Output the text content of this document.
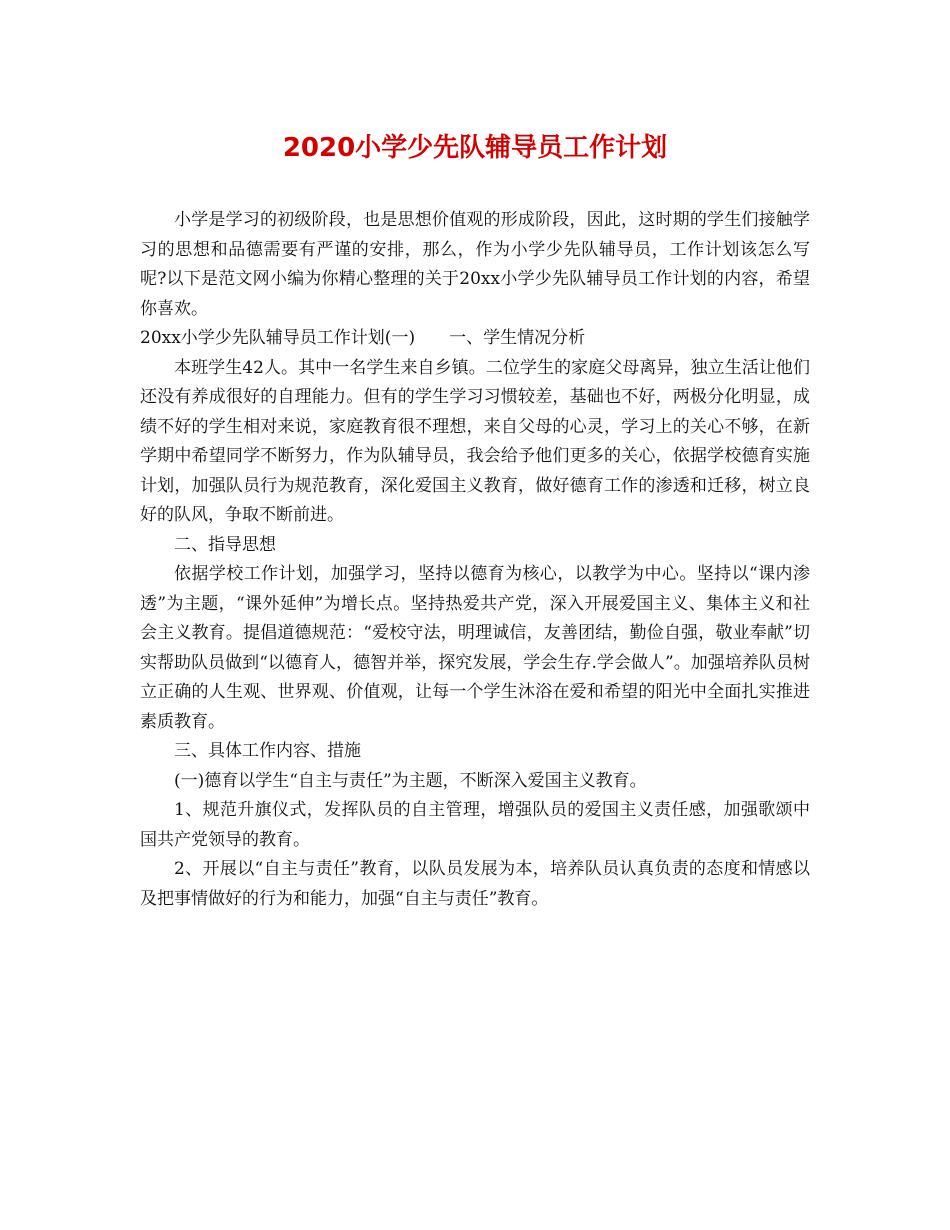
2020小学少先队辅导员工作计划

小学是学习的初级阶段，也是思想价值观的形成阶段，因此，这时期的学生们接触学习的思想和品德需要有严谨的安排，那么，作为小学少先队辅导员，工作计划该怎么写呢?以下是范文网小编为你精心整理的关于20xx小学少先队辅导员工作计划的内容，希望你喜欢。

20xx小学少先队辅导员工作计划(一) 一、学生情况分析

本班学生42人。其中一名学生来自乡镇。二位学生的家庭父母离异，独立生活让他们还没有养成很好的自理能力。但有的学生学习习惯较差，基础也不好，两极分化明显，成绩不好的学生相对来说，家庭教育很不理想，来自父母的心灵，学习上的关心不够，在新学期中希望同学不断努力，作为队辅导员，我会给予他们更多的关心，依据学校德育实施计划，加强队员行为规范教育，深化爱国主义教育，做好德育工作的渗透和迁移，树立良好的队风，争取不断前进。

二、指导思想

依据学校工作计划，加强学习，坚持以德育为核心，以教学为中心。坚持以“课内渗透”为主题，“课外延伸”为增长点。坚持热爱共产党，深入开展爱国主义、集体主义和社会主义教育。提倡道德规范：“爱校守法，明理诚信，友善团结，勤俭自强，敬业奉献”切实帮助队员做到“以德育人，德智并举，探究发展，学会生存.学会做人”。加强培养队员树立正确的人生观、世界观、价值观，让每一个学生沐浴在爱和希望的阳光中全面扎实推进素质教育。

三、具体工作内容、措施

(一)德育以学生“自主与责任”为主题，不断深入爱国主义教育。

1、规范升旗仪式，发挥队员的自主管理，增强队员的爱国主义责任感，加强歌颂中国共产党领导的教育。

2、开展以“自主与责任”教育，以队员发展为本，培养队员认真负责的态度和情感以及把事情做好的行为和能力，加强“自主与责任”教育。
